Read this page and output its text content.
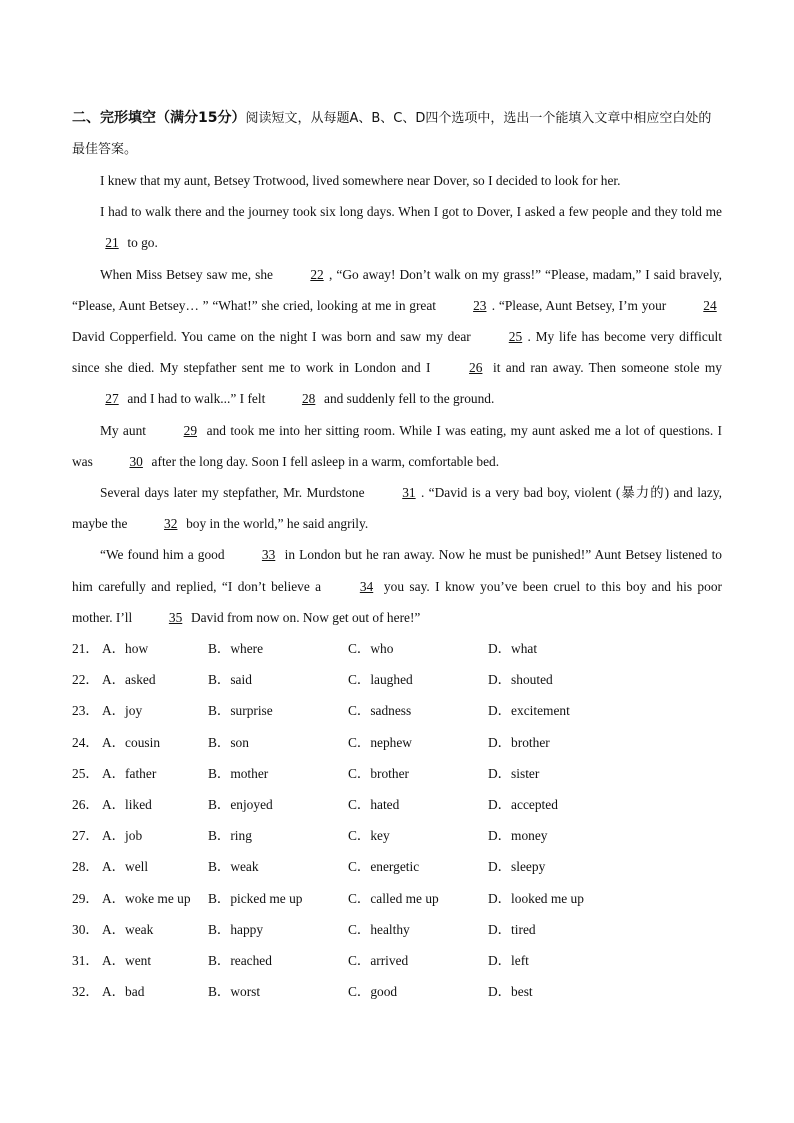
二、完形填空（满分15分）阅读短文，从每题A、B、C、D四个选项中，选出一个能填入文章中相应空白处的最佳答案。

I knew that my aunt, Betsey Trotwood, lived somewhere near Dover, so I decided to look for her.

I had to walk there and the journey took six long days. When I got to Dover, I asked a few people and they told me 21 to go.

When Miss Betsey saw me, she 22 , “Go away! Don’t walk on my grass!” “Please, madam,” I said bravely, “Please, Aunt Betsey… ” “What!” she cried, looking at me in great 23 . “Please, Aunt Betsey, I’m your 24 David Copperfield. You came on the night I was born and saw my dear 25 . My life has become very difficult since she died. My stepfather sent me to work in London and I 26 it and ran away. Then someone stole my 27 and I had to walk...” I felt 28 and suddenly fell to the ground.

My aunt 29 and took me into her sitting room. While I was eating, my aunt asked me a lot of questions. I was 30 after the long day. Soon I fell asleep in a warm, comfortable bed.

Several days later my stepfather, Mr. Murdstone 31 . “David is a very bad boy, violent (暴力的) and lazy, maybe the 32 boy in the world,” he said angrily.

“We found him a good 33 in London but he ran away. Now he must be punished!” Aunt Betsey listened to him carefully and replied, “I don’t believe a 34 you say. I know you’ve been cruel to this boy and his poor mother. I’ll 35 David from now on. Now get out of here!”

21． A．how	B．where	C．who	D．what
22． A．asked	B．said	C．laughed	D．shouted
23． A．joy	B．surprise	C．sadness	D．excitement
24． A．cousin	B．son	C．nephew	D．brother
25． A．father	B．mother	C．brother	D．sister
26． A．liked	B．enjoyed	C．hated	D．accepted
27． A．job	B．ring	C．key	D．money
28． A．well	B．weak	C．energetic	D．sleepy
29． A．woke me up	B．picked me up	C．called me up	D．looked me up
30． A．weak	B．happy	C．healthy	D．tired
31． A．went	B．reached	C．arrived	D．left
32． A．bad	B．worst	C．good	D．best
